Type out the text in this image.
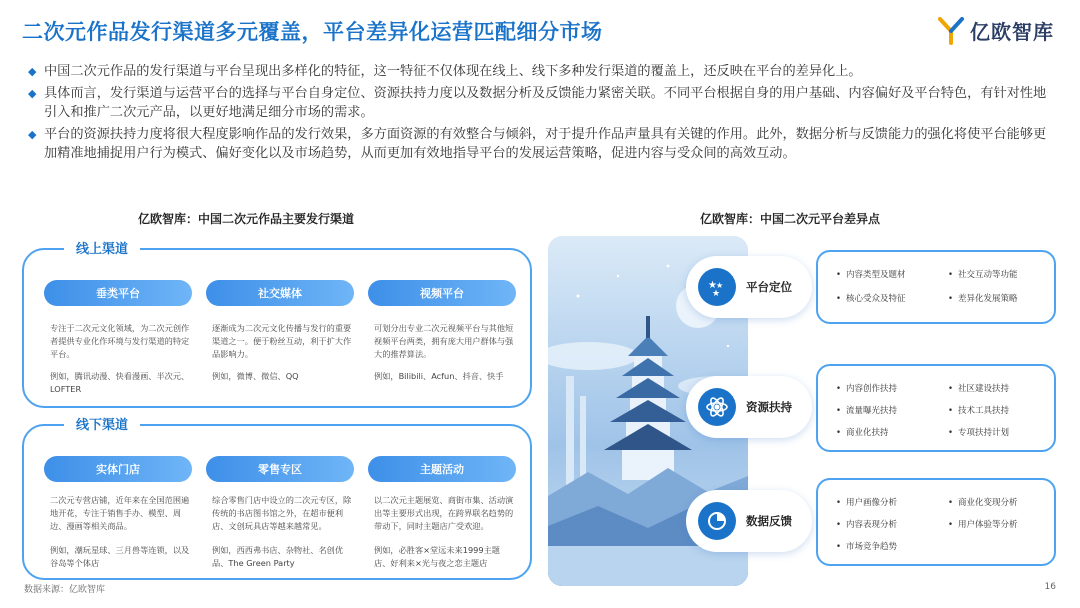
二次元作品发行渠道多元覆盖，平台差异化运营匹配细分市场	亿欧智库
◆ 中国二次元作品的发行渠道与平台呈现出多样化的特征，这一特征不仅体现在线上、线下多种发行渠道的覆盖上，还反映在平台的差异化上。
◆ 具体而言，发行渠道与运营平台的选择与平台自身定位、资源扶持力度以及数据分析及反馈能力紧密关联。不同平台根据自身的用户基础、内容偏好及平台特色，有针对性地引入和推广二次元产品，以更好地满足细分市场的需求。
◆ 平台的资源扶持力度将很大程度影响作品的发行效果，多方面资源的有效整合与倾斜，对于提升作品声量具有关键的作用。此外，数据分析与反馈能力的强化将使平台能够更加精准地捕捉用户行为模式、偏好变化以及市场趋势，从而更加有效地指导平台的发展运营策略，促进内容与受众间的高效互动。
亿欧智库：中国二次元作品主要发行渠道
线上渠道
垂类平台
专注于二次元文化领域，为二次元创作者提供专业化作环境与发行渠道的特定平台。
例如，腾讯动漫、快看漫画、半次元、LOFTER
社交媒体
逐渐成为二次元文化传播与发行的重要渠道之一。便于粉丝互动，利于扩大作品影响力。
例如，微博、微信、QQ
视频平台
可划分出专业二次元视频平台与其他短视频平台两类，拥有庞大用户群体与强大的推荐算法。
例如，Bilibili、Acfun、抖音、快手
线下渠道
实体门店
二次元专营店铺，近年来在全国范围遍地开花，专注于销售手办、模型、周边、漫画等相关商品。
例如，潮玩星球、三月兽等连锁，以及谷岛等个体店
零售专区
综合零售门店中设立的二次元专区，除传统的书店图书馆之外，在超市便利店、文创玩具店等越来越常见。
例如，西西弗书店、杂物社、名创优品、The Green Party
主题活动
以二次元主题展览、商街市集、活动演出等主要形式出现，在跨界联名趋势的带动下，同时主题店广受欢迎。
例如，必胜客×堂远未来1999主题店、好利来×光与夜之恋主题店
亿欧智库：中国二次元平台差异点
• 内容类型及题材	• 社交互动等功能
• 核心受众及特征	• 差异化发展策略
★ ★
★ 平台定位
• 内容创作扶持	• 社区建设扶持
• 流量曝光扶持	• 技术工具扶持
• 商业化扶持	• 专项扶持计划
资源扶持
• 用户画像分析	• 商业化变现分析
• 内容表现分析	• 用户体验等分析
• 市场竞争趋势
数据反馈
数据来源：亿欧智库	16
